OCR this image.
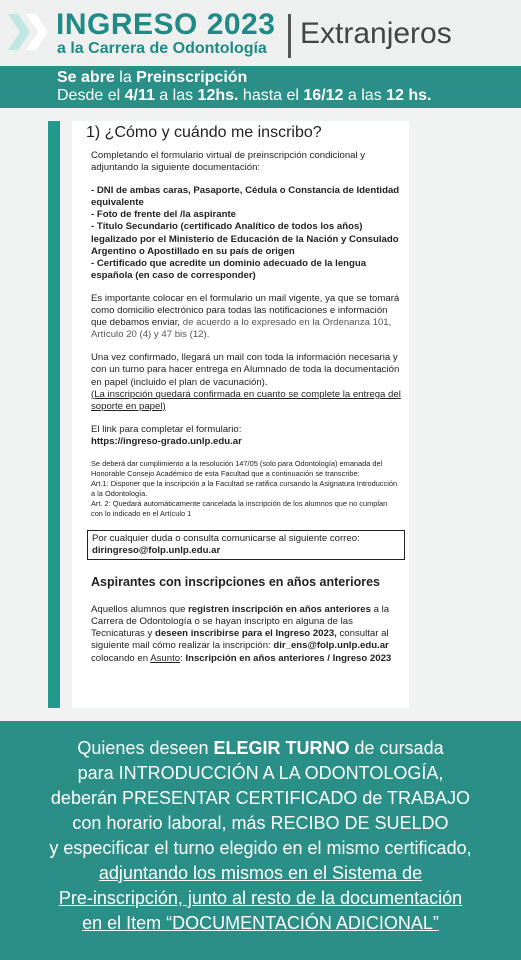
INGRESO 2023
a la Carrera de Odontología Extranjeros
Se abre la Preinscripción
Desde el 4/11 a las 12hs. hasta el 16/12 a las 12 hs.
1) ¿Cómo y cuándo me inscribo?

Completando el formulario virtual de preinscripción condicional y adjuntando la siguiente documentación:

- DNI de ambas caras, Pasaporte, Cédula o Constancia de Identidad equivalente
- Foto de frente del /la aspirante
- Título Secundario (certificado Analítico de todos los años) legalizado por el Ministerio de Educación de la Nación y Consulado Argentino o Apostillado en su país de origen
- Certificado que acredite un dominio adecuado de la lengua española (en caso de corresponder)

Es importante colocar en el formulario un mail vigente, ya que se tomará como domicilio electrónico para todas las notificaciones e información que debamos enviar, de acuerdo a lo expresado en la Ordenanza 101, Artículo 20 (4) y 47 bis (12).

Una vez confirmado, llegará un mail con toda la información necesaria y con un turno para hacer entrega en Alumnado de toda la documentación en papel (incluido el plan de vacunación).
(La inscripción quedará confirmada en cuanto se complete la entrega del soporte en papel)

El link para completar el formulario:
https://ingreso-grado.unlp.edu.ar

Se deberá dar cumplimiento a la resolución 147/05 (solo para Odontología) emanada del Honorable Consejo Académico de esta Facultad que a continuación se transcribe:
Art.1: Disponer que la inscripción a la Facultad se ratifica cursando la Asignatura Introducción a la Odontología.
Art. 2: Quedará automáticamente cancelada la inscripción de los alumnos que no cumplan con lo indicado en el Artículo 1

Por cualquier duda o consulta comunicarse al siguiente correo:
diringreso@folp.unlp.edu.ar
Aspirantes con inscripciones en años anteriores

Aquellos alumnos que registren inscripción en años anteriores a la Carrera de Odontología o se hayan inscripto en alguna de las Tecnicaturas y deseen inscribirse para el Ingreso 2023, consultar al siguiente mail cómo realizar la inscripción: dir_ens@folp.unlp.edu.ar colocando en Asunto: Inscripción en años anteriores / Ingreso 2023

Quienes deseen ELEGIR TURNO de cursada
para INTRODUCCIÓN A LA ODONTOLOGÍA,
deberán PRESENTAR CERTIFICADO de TRABAJO
con horario laboral, más RECIBO DE SUELDO
y especificar el turno elegido en el mismo certificado,
adjuntando los mismos en el Sistema de
Pre-inscripción, junto al resto de la documentación
en el Item “DOCUMENTACIÓN ADICIONAL”
